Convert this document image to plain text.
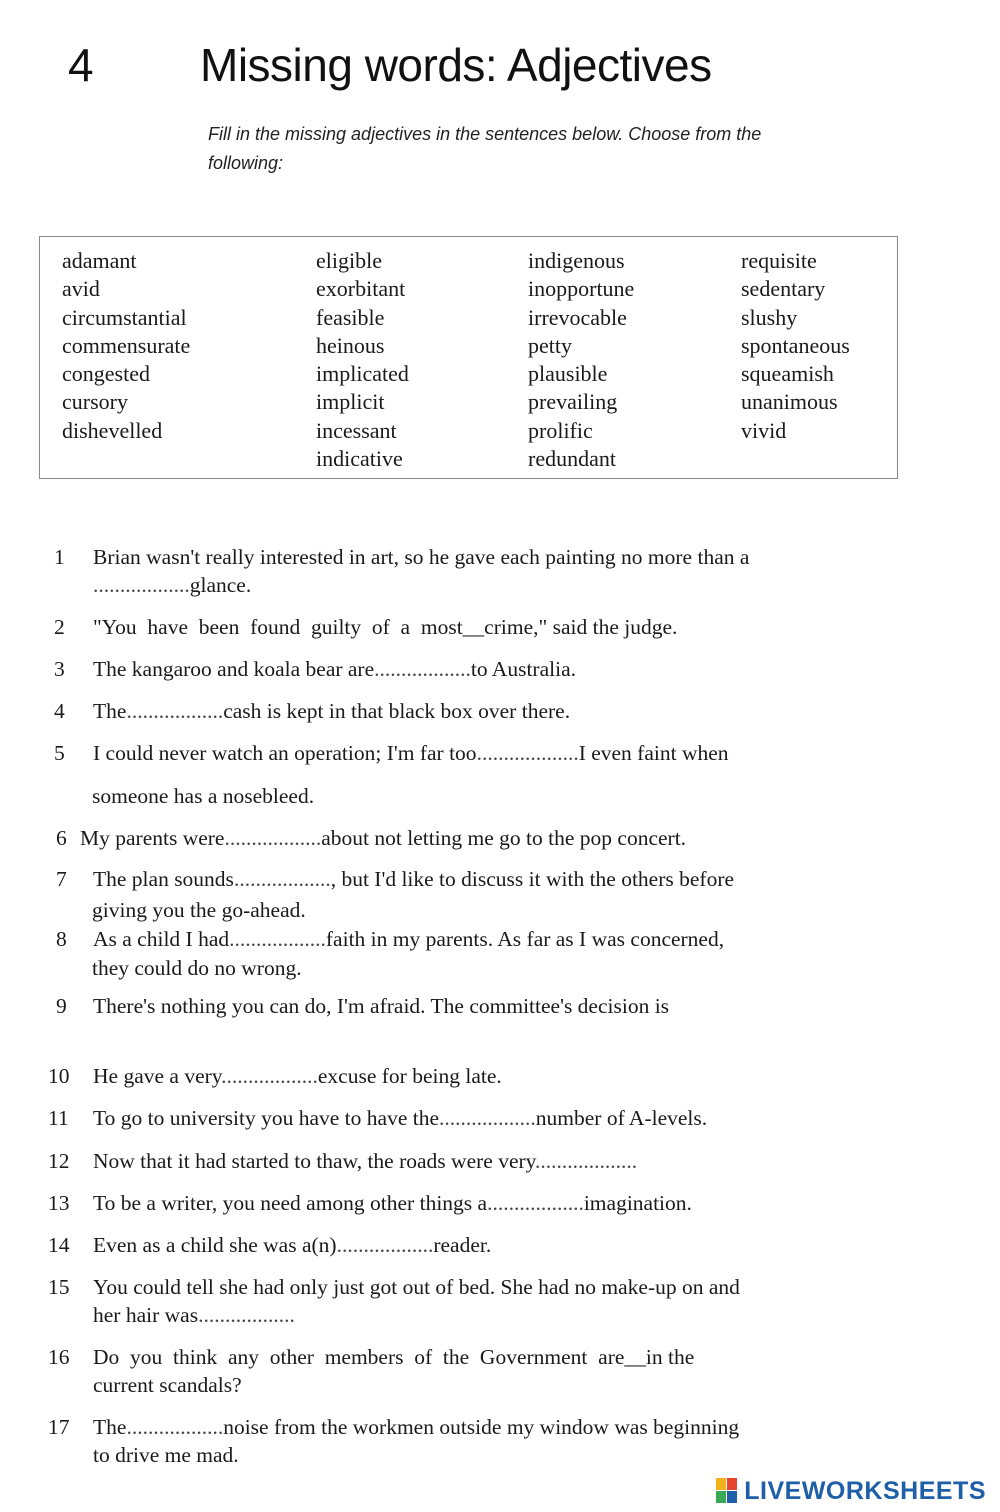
4 Missing words: Adjectives
Fill in the missing adjectives in the sentences below. Choose from the
following:
adamant
avid
circumstantial
commensurate
congested
cursory
dishevelled
eligible
exorbitant
feasible
heinous
implicated
implicit
incessant
indicative
indigenous
inopportune
irrevocable
petty
plausible
prevailing
prolific
redundant
requisite
sedentary
slushy
spontaneous
squeamish
unanimous
vivid
1 Brian wasn't really interested in art, so he gave each painting no more than a
..................glance.
2 "You  have  been  found  guilty  of  a  most__crime," said the judge.
3 The kangaroo and koala bear are..................to Australia.
4 The..................cash is kept in that black box over there.
5 I could never watch an operation; I'm far too...................I even faint when
someone has a nosebleed.
6 My parents were..................about not letting me go to the pop concert.
7 The plan sounds.................., but I'd like to discuss it with the others before
giving you the go-ahead.
8 As a child I had..................faith in my parents. As far as I was concerned,
they could do no wrong.
9 There's nothing you can do, I'm afraid. The committee's decision is
10 He gave a very..................excuse for being late.
11 To go to university you have to have the..................number of A-levels.
12 Now that it had started to thaw, the roads were very...................
13 To be a writer, you need among other things a..................imagination.
14 Even as a child she was a(n)..................reader.
15 You could tell she had only just got out of bed. She had no make-up on and
her hair was..................
16 Do  you  think  any  other  members  of  the  Government  are__in the
current scandals?
17 The..................noise from the workmen outside my window was beginning
to drive me mad.
LIVEWORKSHEETS
